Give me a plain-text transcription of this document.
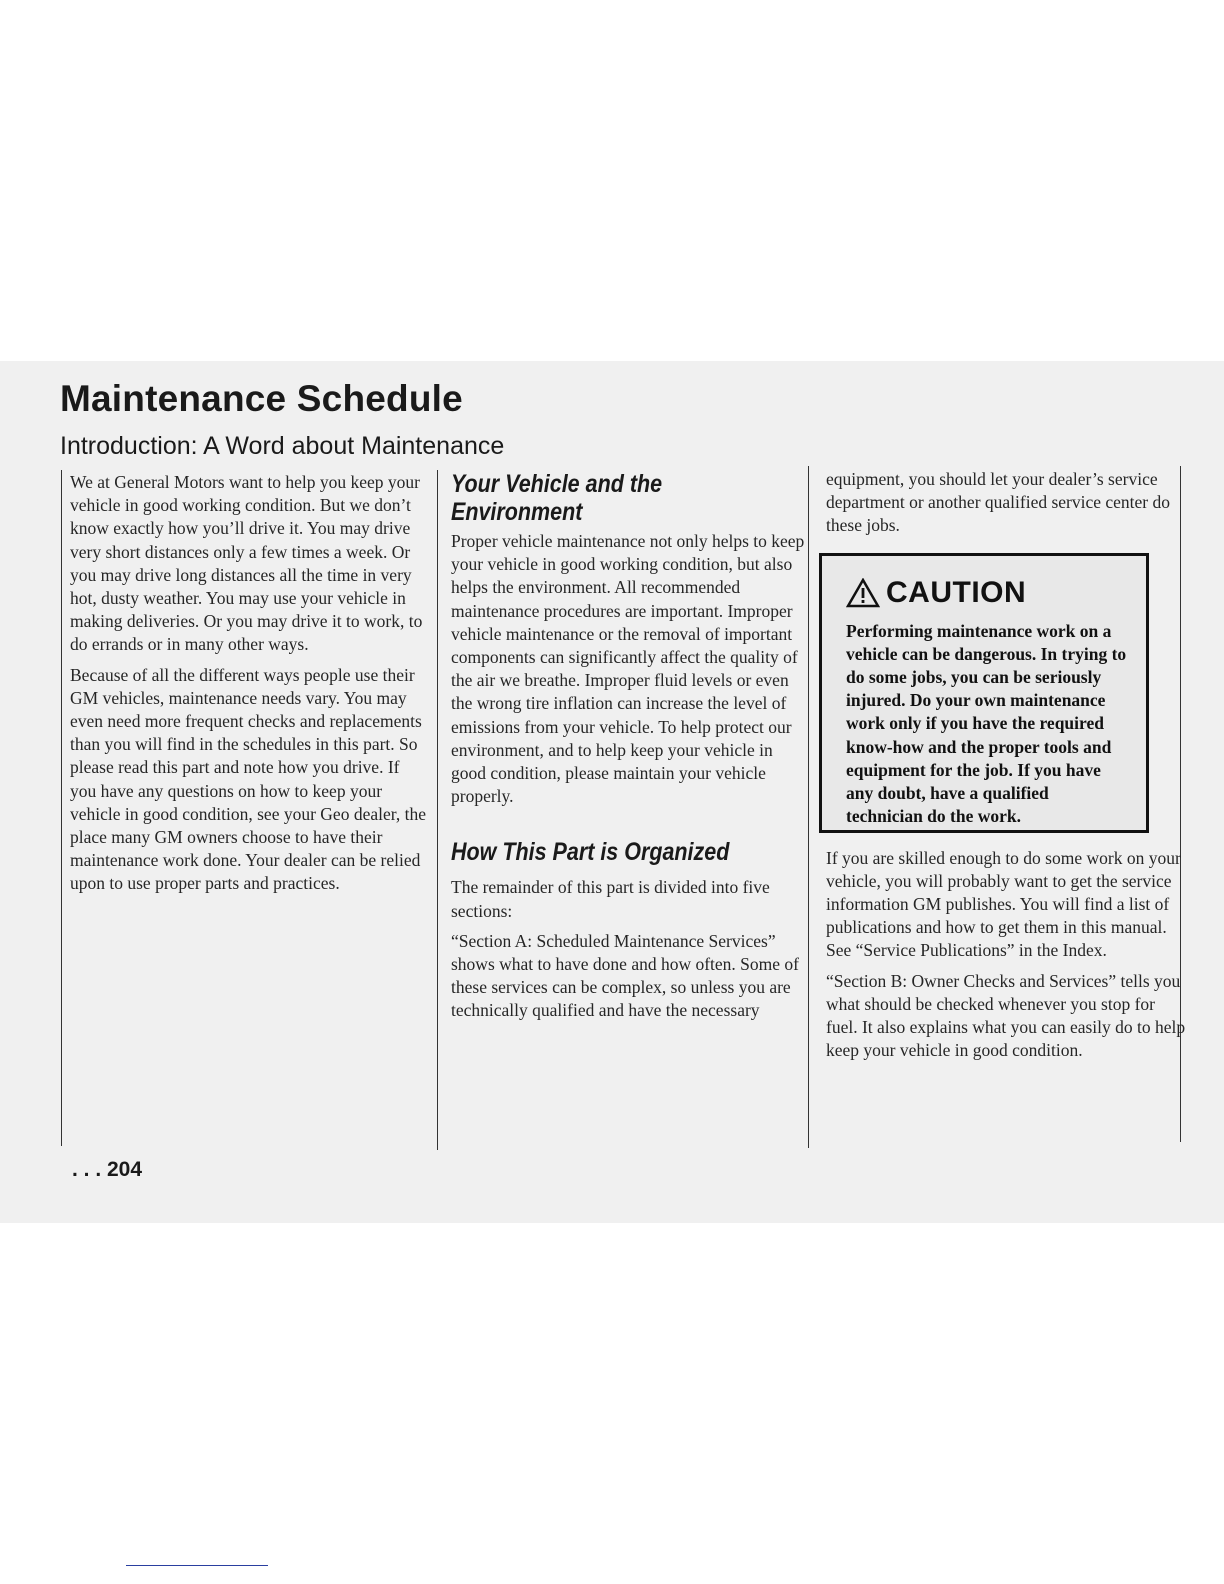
Maintenance Schedule
Introduction: A Word about Maintenance

We at General Motors want to help you keep your vehicle in good working condition. But we don’t know exactly how you’ll drive it. You may drive very short distances only a few times a week. Or you may drive long distances all the time in very hot, dusty weather. You may use your vehicle in making deliveries. Or you may drive it to work, to do errands or in many other ways.

Because of all the different ways people use their GM vehicles, maintenance needs vary. You may even need more frequent checks and replacements than you will find in the schedules in this part. So please read this part and note how you drive. If you have any questions on how to keep your vehicle in good condition, see your Geo dealer, the place many GM owners choose to have their maintenance work done. Your dealer can be relied upon to use proper parts and practices.

Your Vehicle and the
Environment

Proper vehicle maintenance not only helps to keep your vehicle in good working condition, but also helps the environment. All recommended maintenance procedures are important. Improper vehicle maintenance or the removal of important components can significantly affect the quality of the air we breathe. Improper fluid levels or even the wrong tire inflation can increase the level of emissions from your vehicle. To help protect our environment, and to help keep your vehicle in good condition, please maintain your vehicle properly.

How This Part is Organized

The remainder of this part is divided into five sections:

“Section A: Scheduled Maintenance Services” shows what to have done and how often. Some of these services can be complex, so unless you are technically qualified and have the necessary

equipment, you should let your dealer’s service department or another qualified service center do these jobs.

CAUTION
Performing maintenance work on a vehicle can be dangerous. In trying to do some jobs, you can be seriously injured. Do your own maintenance work only if you have the required know-how and the proper tools and equipment for the job. If you have any doubt, have a qualified technician do the work.

If you are skilled enough to do some work on your vehicle, you will probably want to get the service information GM publishes. You will find a list of publications and how to get them in this manual. See “Service Publications” in the Index.

“Section B: Owner Checks and Services” tells you what should be checked whenever you stop for fuel. It also explains what you can easily do to help keep your vehicle in good condition.

. . . 204
